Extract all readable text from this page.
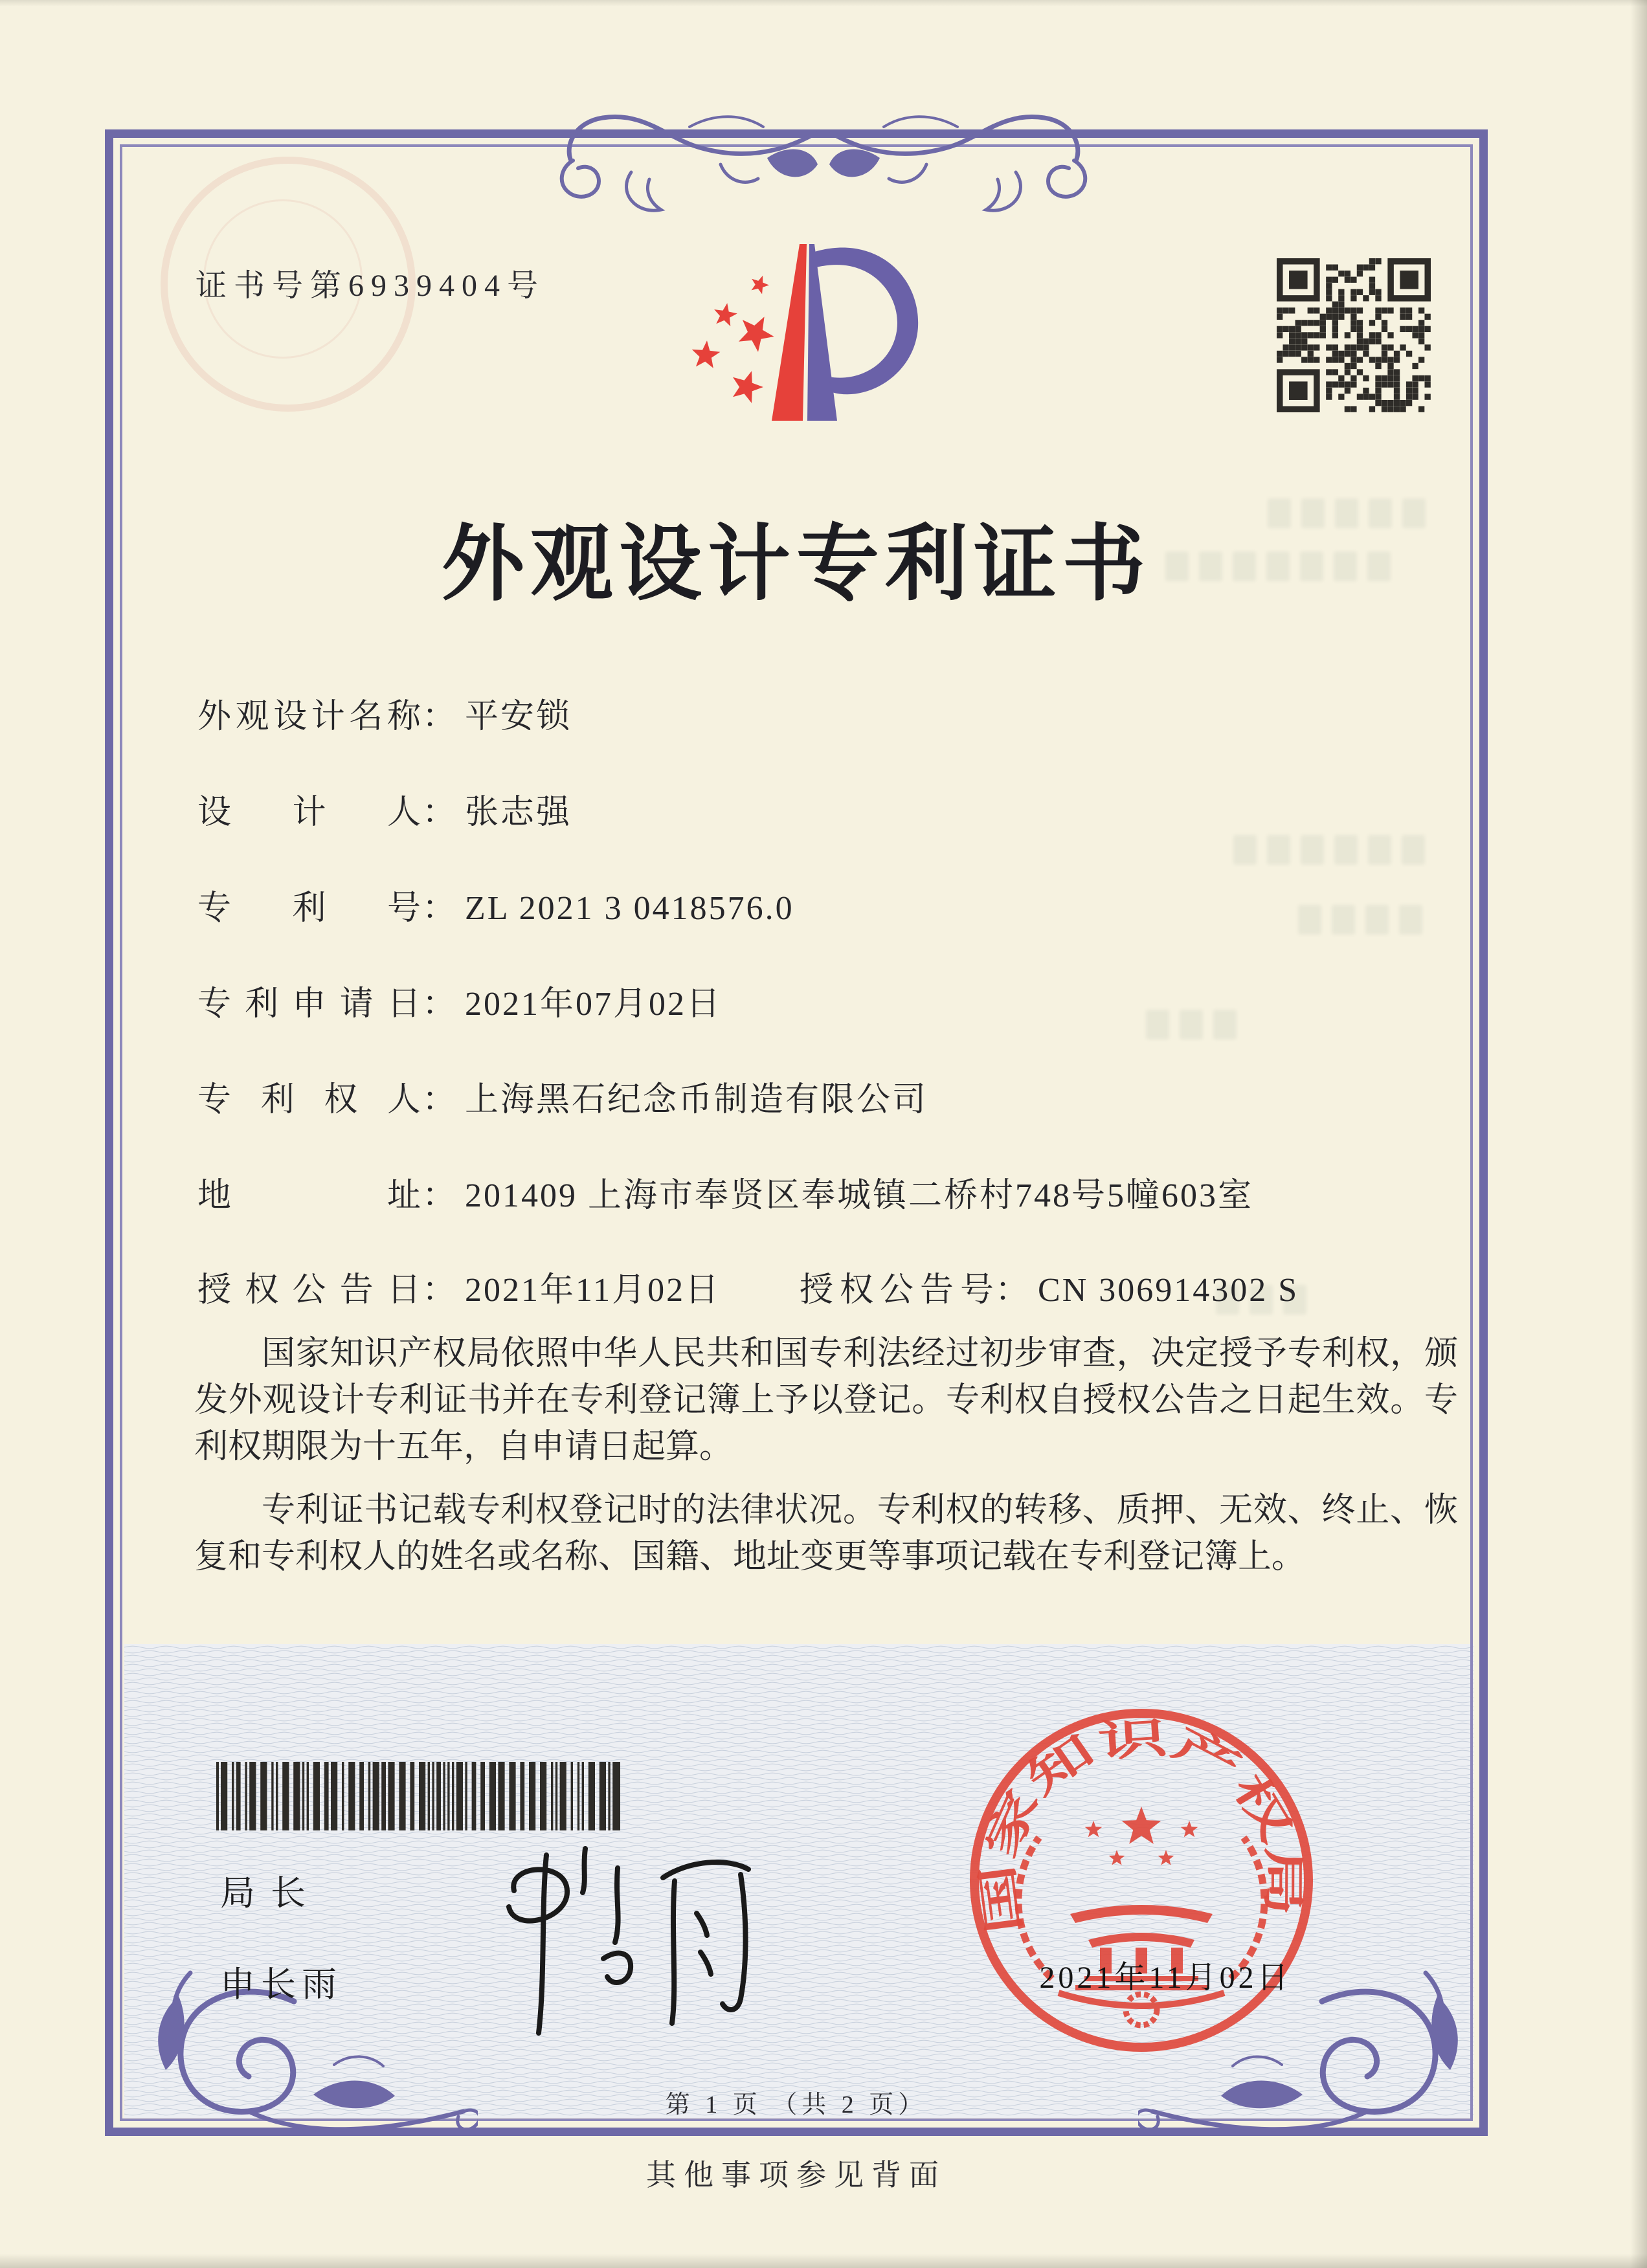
证书号第6939404号
外观设计专利证书
外 观 设 计 名 称 ： 平安锁
设 计 人 ： 张志强
专 利 号 ： ZL 2021 3 0418576.0
专 利 申 请 日 ： 2021年07月02日
专 利 权 人 ： 上海黑石纪念币制造有限公司
地	址 ： 201409 上海市奉贤区奉城镇二桥村748号5幢603室
授 权 公 告 日 ： 2021年11月02日 授 权 公 告 号 ： CN 306914302 S

国家知识产权局依照中华人民共和国专利法经过初步审查，决定授予专利权，颁发外观设计专利证书并在专利登记簿上予以登记。专利权自授权公告之日起生效。专利权期限为十五年，自申请日起算。

专利证书记载专利权登记时的法律状况。专利权的转移、质押、无效、终止、恢复和专利权人的姓名或名称、国籍、地址变更等事项记载在专利登记簿上。

局长
申长雨
国家知识产权局
2021年11月02日
第 1 页 （共 2 页）
其他事项参见背面
